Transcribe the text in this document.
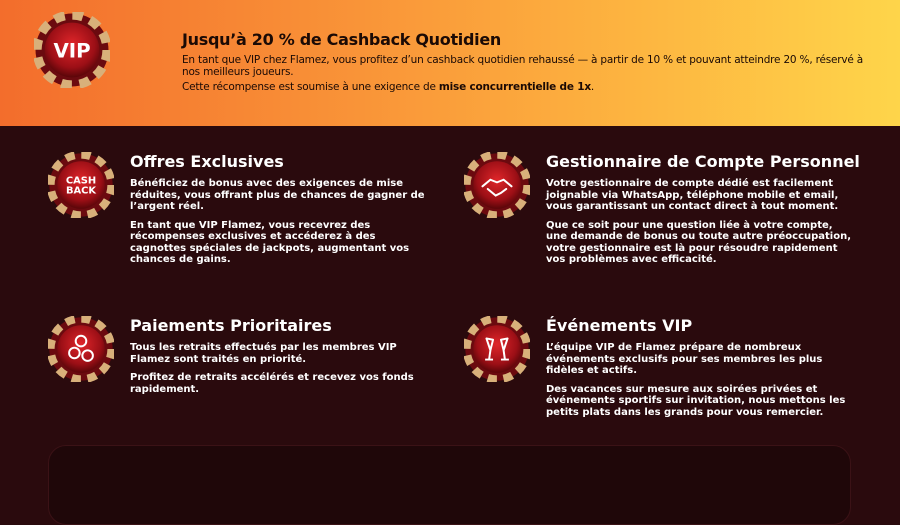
VIP
Jusqu’à 20 % de Cashback Quotidien

En tant que VIP chez Flamez, vous profitez d’un cashback quotidien rehaussé — à partir de 10 % et pouvant atteindre 20 %, réservé à nos meilleurs joueurs.

Cette récompense est soumise à une exigence de mise concurrentielle de 1x.

CASH
BACK
Offres Exclusives

Bénéficiez de bonus avec des exigences de mise réduites, vous offrant plus de chances de gagner de l’argent réel.

En tant que VIP Flamez, vous recevrez des récompenses exclusives et accéderez à des cagnottes spéciales de jackpots, augmentant vos chances de gains.

Gestionnaire de Compte Personnel

Votre gestionnaire de compte dédié est facilement joignable via WhatsApp, téléphone mobile et email, vous garantissant un contact direct à tout moment.

Que ce soit pour une question liée à votre compte, une demande de bonus ou toute autre préoccupation, votre gestionnaire est là pour résoudre rapidement vos problèmes avec efficacité.

Paiements Prioritaires

Tous les retraits effectués par les membres VIP Flamez sont traités en priorité.

Profitez de retraits accélérés et recevez vos fonds rapidement.

Événements VIP

L’équipe VIP de Flamez prépare de nombreux événements exclusifs pour ses membres les plus fidèles et actifs.

Des vacances sur mesure aux soirées privées et événements sportifs sur invitation, nous mettons les petits plats dans les grands pour vous remercier.
